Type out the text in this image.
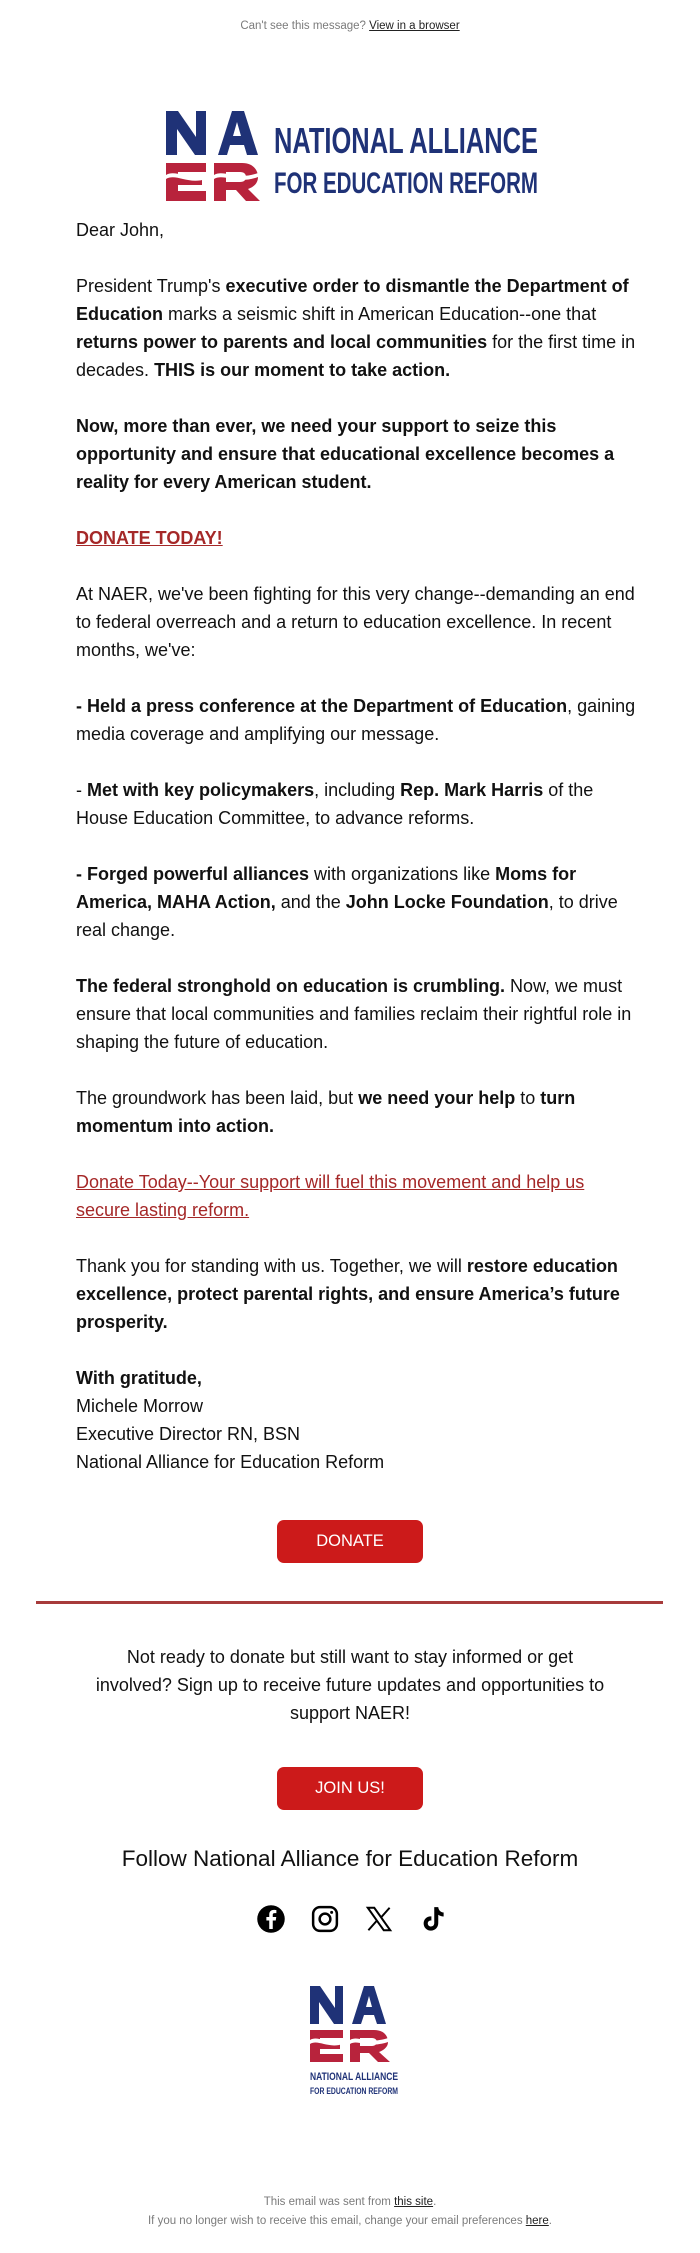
Can't see this message? View in a browser
NATIONAL ALLIANCE
FOR EDUCATION REFORM

Dear John,

President Trump's executive order to dismantle the Department of Education marks a seismic shift in American Education--one that returns power to parents and local communities for the first time in decades. THIS is our moment to take action.

Now, more than ever, we need your support to seize this opportunity and ensure that educational excellence becomes a reality for every American student.

DONATE TODAY!

At NAER, we've been fighting for this very change--demanding an end to federal overreach and a return to education excellence. In recent months, we've:

- Held a press conference at the Department of Education, gaining media coverage and amplifying our message.

- Met with key policymakers, including Rep. Mark Harris of the House Education Committee, to advance reforms.

- Forged powerful alliances with organizations like Moms for America, MAHA Action, and the John Locke Foundation, to drive real change.

The federal stronghold on education is crumbling. Now, we must ensure that local communities and families reclaim their rightful role in shaping the future of education.

The groundwork has been laid, but we need your help to turn momentum into action.

Donate Today--Your support will fuel this movement and help us secure lasting reform.

Thank you for standing with us. Together, we will restore education excellence, protect parental rights, and ensure America’s future prosperity.

With gratitude,

Michele Morrow

Executive Director RN, BSN

National Alliance for Education Reform

DONATE
Not ready to donate but still want to stay informed or get involved? Sign up to receive future updates and opportunities to support NAER!
JOIN US!
Follow National Alliance for Education Reform
NATIONAL ALLIANCE
FOR EDUCATION REFORM
This email was sent from this site.
If you no longer wish to receive this email, change your email preferences here.
